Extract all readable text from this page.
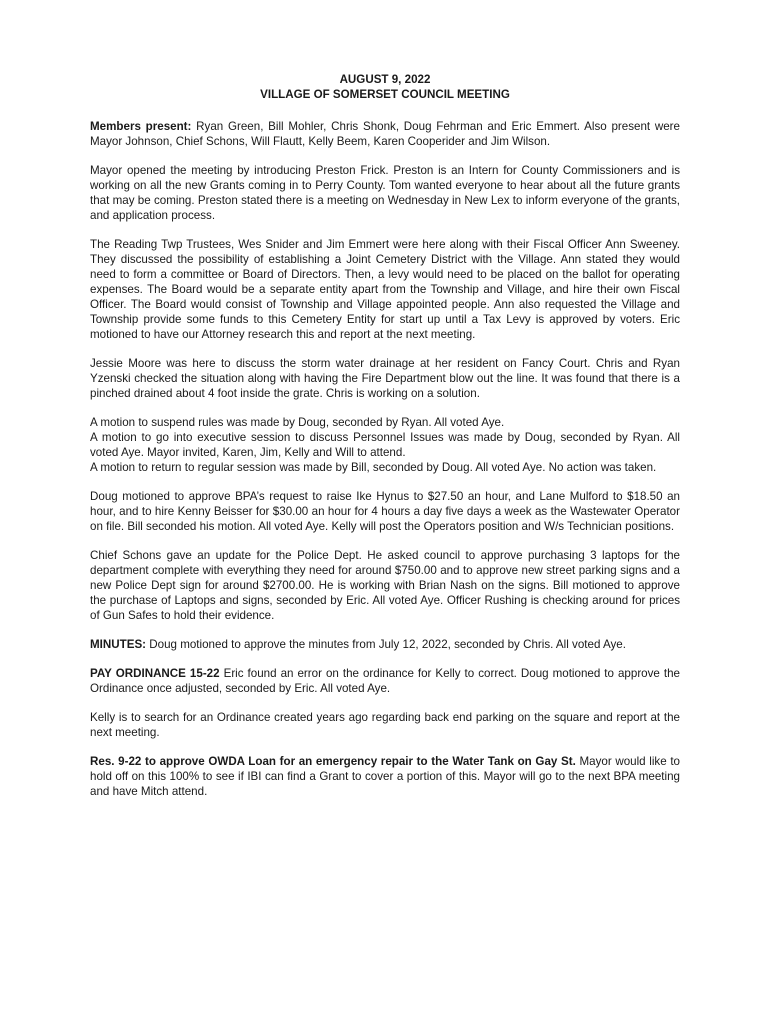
AUGUST 9, 2022
VILLAGE OF SOMERSET COUNCIL MEETING

Members present: Ryan Green, Bill Mohler, Chris Shonk, Doug Fehrman and Eric Emmert. Also present were Mayor Johnson, Chief Schons, Will Flautt, Kelly Beem, Karen Cooperider and Jim Wilson.

Mayor opened the meeting by introducing Preston Frick. Preston is an Intern for County Commissioners and is working on all the new Grants coming in to Perry County. Tom wanted everyone to hear about all the future grants that may be coming. Preston stated there is a meeting on Wednesday in New Lex to inform everyone of the grants, and application process.

The Reading Twp Trustees, Wes Snider and Jim Emmert were here along with their Fiscal Officer Ann Sweeney. They discussed the possibility of establishing a Joint Cemetery District with the Village. Ann stated they would need to form a committee or Board of Directors. Then, a levy would need to be placed on the ballot for operating expenses. The Board would be a separate entity apart from the Township and Village, and hire their own Fiscal Officer. The Board would consist of Township and Village appointed people. Ann also requested the Village and Township provide some funds to this Cemetery Entity for start up until a Tax Levy is approved by voters. Eric motioned to have our Attorney research this and report at the next meeting.

Jessie Moore was here to discuss the storm water drainage at her resident on Fancy Court. Chris and Ryan Yzenski checked the situation along with having the Fire Department blow out the line. It was found that there is a pinched drained about 4 foot inside the grate. Chris is working on a solution.

A motion to suspend rules was made by Doug, seconded by Ryan. All voted Aye.

A motion to go into executive session to discuss Personnel Issues was made by Doug, seconded by Ryan. All voted Aye. Mayor invited, Karen, Jim, Kelly and Will to attend.

A motion to return to regular session was made by Bill, seconded by Doug. All voted Aye. No action was taken.

Doug motioned to approve BPA’s request to raise Ike Hynus to $27.50 an hour, and Lane Mulford to $18.50 an hour, and to hire Kenny Beisser for $30.00 an hour for 4 hours a day five days a week as the Wastewater Operator on file. Bill seconded his motion. All voted Aye. Kelly will post the Operators position and W/s Technician positions.

Chief Schons gave an update for the Police Dept. He asked council to approve purchasing 3 laptops for the department complete with everything they need for around $750.00 and to approve new street parking signs and a new Police Dept sign for around $2700.00. He is working with Brian Nash on the signs. Bill motioned to approve the purchase of Laptops and signs, seconded by Eric. All voted Aye. Officer Rushing is checking around for prices of Gun Safes to hold their evidence.

MINUTES: Doug motioned to approve the minutes from July 12, 2022, seconded by Chris. All voted Aye.

PAY ORDINANCE 15-22 Eric found an error on the ordinance for Kelly to correct. Doug motioned to approve the Ordinance once adjusted, seconded by Eric. All voted Aye.

Kelly is to search for an Ordinance created years ago regarding back end parking on the square and report at the next meeting.

Res. 9-22 to approve OWDA Loan for an emergency repair to the Water Tank on Gay St. Mayor would like to hold off on this 100% to see if IBI can find a Grant to cover a portion of this. Mayor will go to the next BPA meeting and have Mitch attend.
